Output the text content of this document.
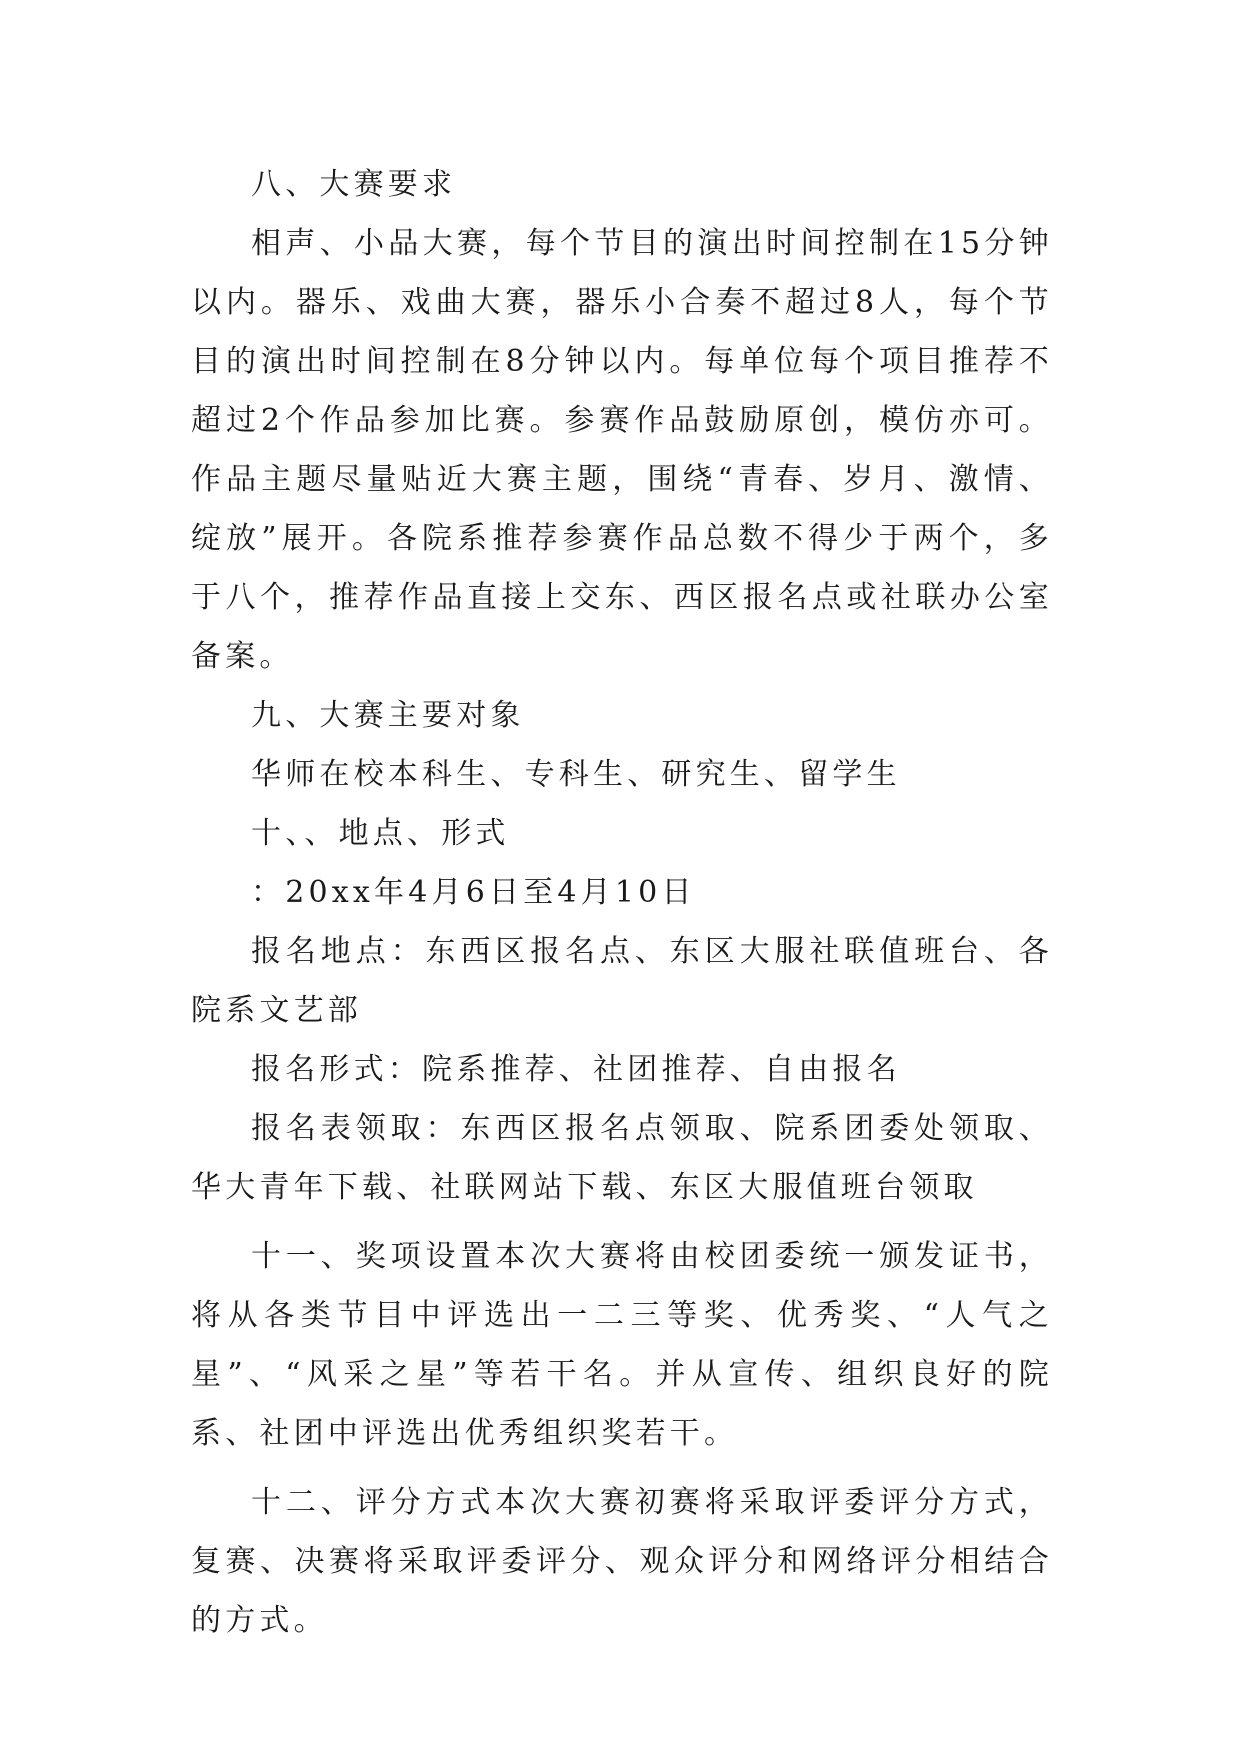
八、大赛要求

相声、小品大赛，每个节目的演出时间控制在15分钟以内。器乐、戏曲大赛，器乐小合奏不超过8人，每个节目的演出时间控制在8分钟以内。每单位每个项目推荐不超过2个作品参加比赛。参赛作品鼓励原创，模仿亦可。作品主题尽量贴近大赛主题，围绕“青春、岁月、激情、绽放”展开。各院系推荐参赛作品总数不得少于两个，多于八个，推荐作品直接上交东、西区报名点或社联办公室备案。

九、大赛主要对象

华师在校本科生、专科生、研究生、留学生

十、、地点、形式

：20xx年4月6日至4月10日

报名地点：东西区报名点、东区大服社联值班台、各院系文艺部

报名形式：院系推荐、社团推荐、自由报名

报名表领取：东西区报名点领取、院系团委处领取、华大青年下载、社联网站下载、东区大服值班台领取

十一、奖项设置本次大赛将由校团委统一颁发证书，将从各类节目中评选出一二三等奖、优秀奖、“人气之星”、“风采之星”等若干名。并从宣传、组织良好的院系、社团中评选出优秀组织奖若干。

十二、评分方式本次大赛初赛将采取评委评分方式，复赛、决赛将采取评委评分、观众评分和网络评分相结合的方式。
